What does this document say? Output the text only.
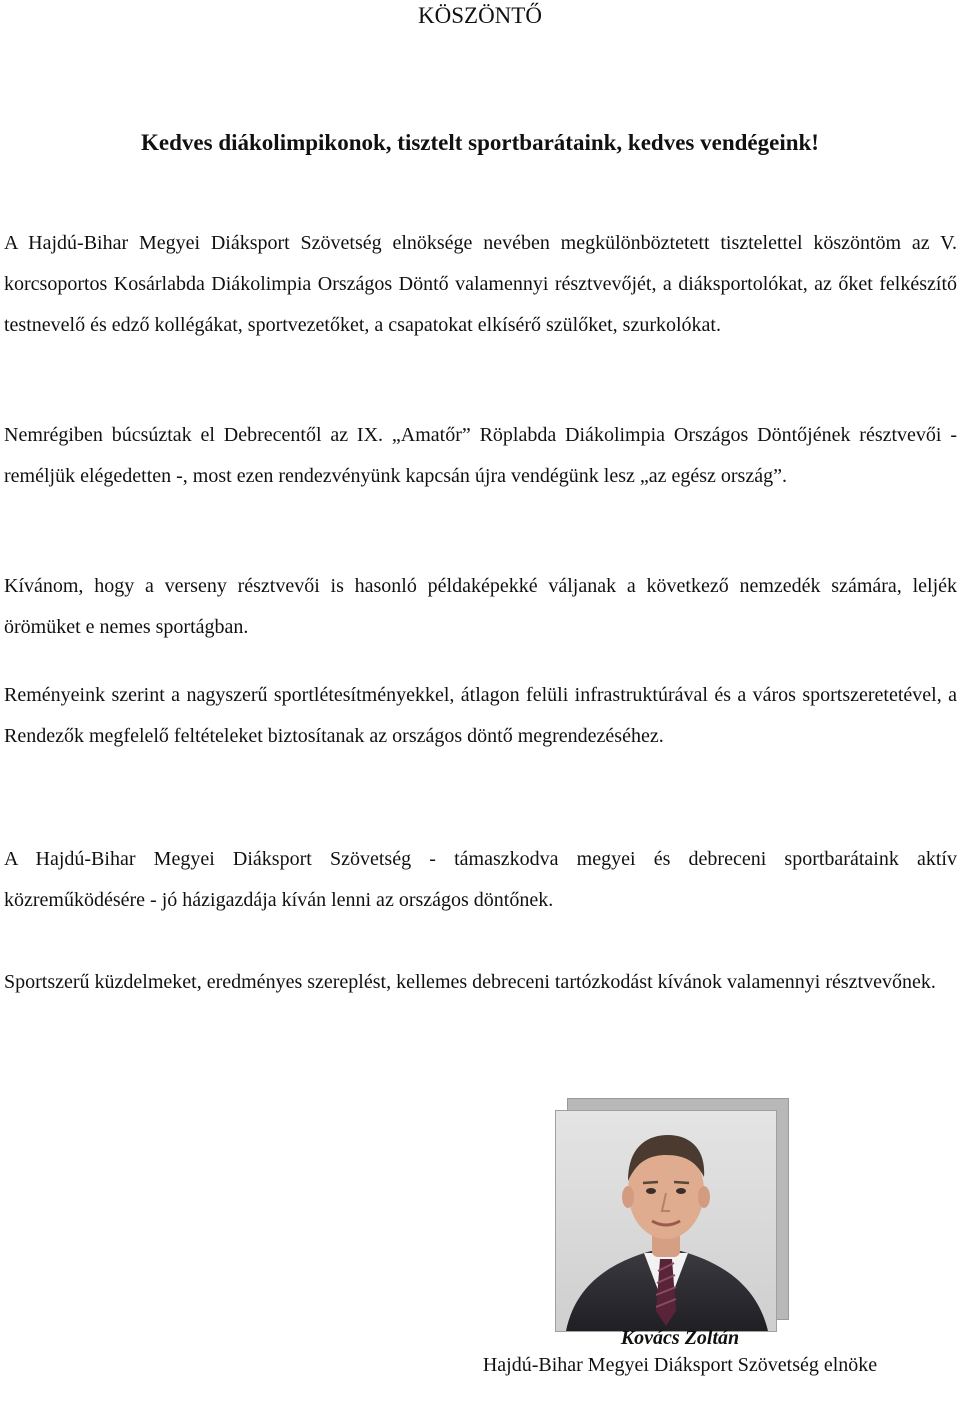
KÖSZÖNTŐ

Kedves diákolimpikonok, tisztelt sportbarátaink, kedves vendégeink!

A Hajdú-Bihar Megyei Diáksport Szövetség elnöksége nevében megkülönböztetett tisztelettel köszöntöm az V. korcsoportos Kosárlabda Diákolimpia Országos Döntő valamennyi résztvevőjét, a diáksportolókat, az őket felkészítő testnevelő és edző kollégákat, sportvezetőket, a csapatokat elkísérő szülőket, szurkolókat.

Nemrégiben búcsúztak el Debrecentől az IX. „Amatőr” Röplabda Diákolimpia Országos Döntőjének résztvevői - reméljük elégedetten -, most ezen rendezvényünk kapcsán újra vendégünk lesz „az egész ország”.

Kívánom, hogy a verseny résztvevői is hasonló példaképekké váljanak a következő nemzedék számára, leljék örömüket e nemes sportágban.

Reményeink szerint a nagyszerű sportlétesítményekkel, átlagon felüli infrastruktúrával és a város sportszeretetével, a Rendezők megfelelő feltételeket biztosítanak az országos döntő megrendezéséhez.

A Hajdú-Bihar Megyei Diáksport Szövetség - támaszkodva megyei és debreceni sportbarátaink aktív közreműködésére - jó házigazdája kíván lenni az országos döntőnek.

Sportszerű küzdelmeket, eredményes szereplést, kellemes debreceni tartózkodást kívánok valamennyi résztvevőnek.

Kovács Zoltán

Hajdú-Bihar Megyei Diáksport Szövetség elnöke
